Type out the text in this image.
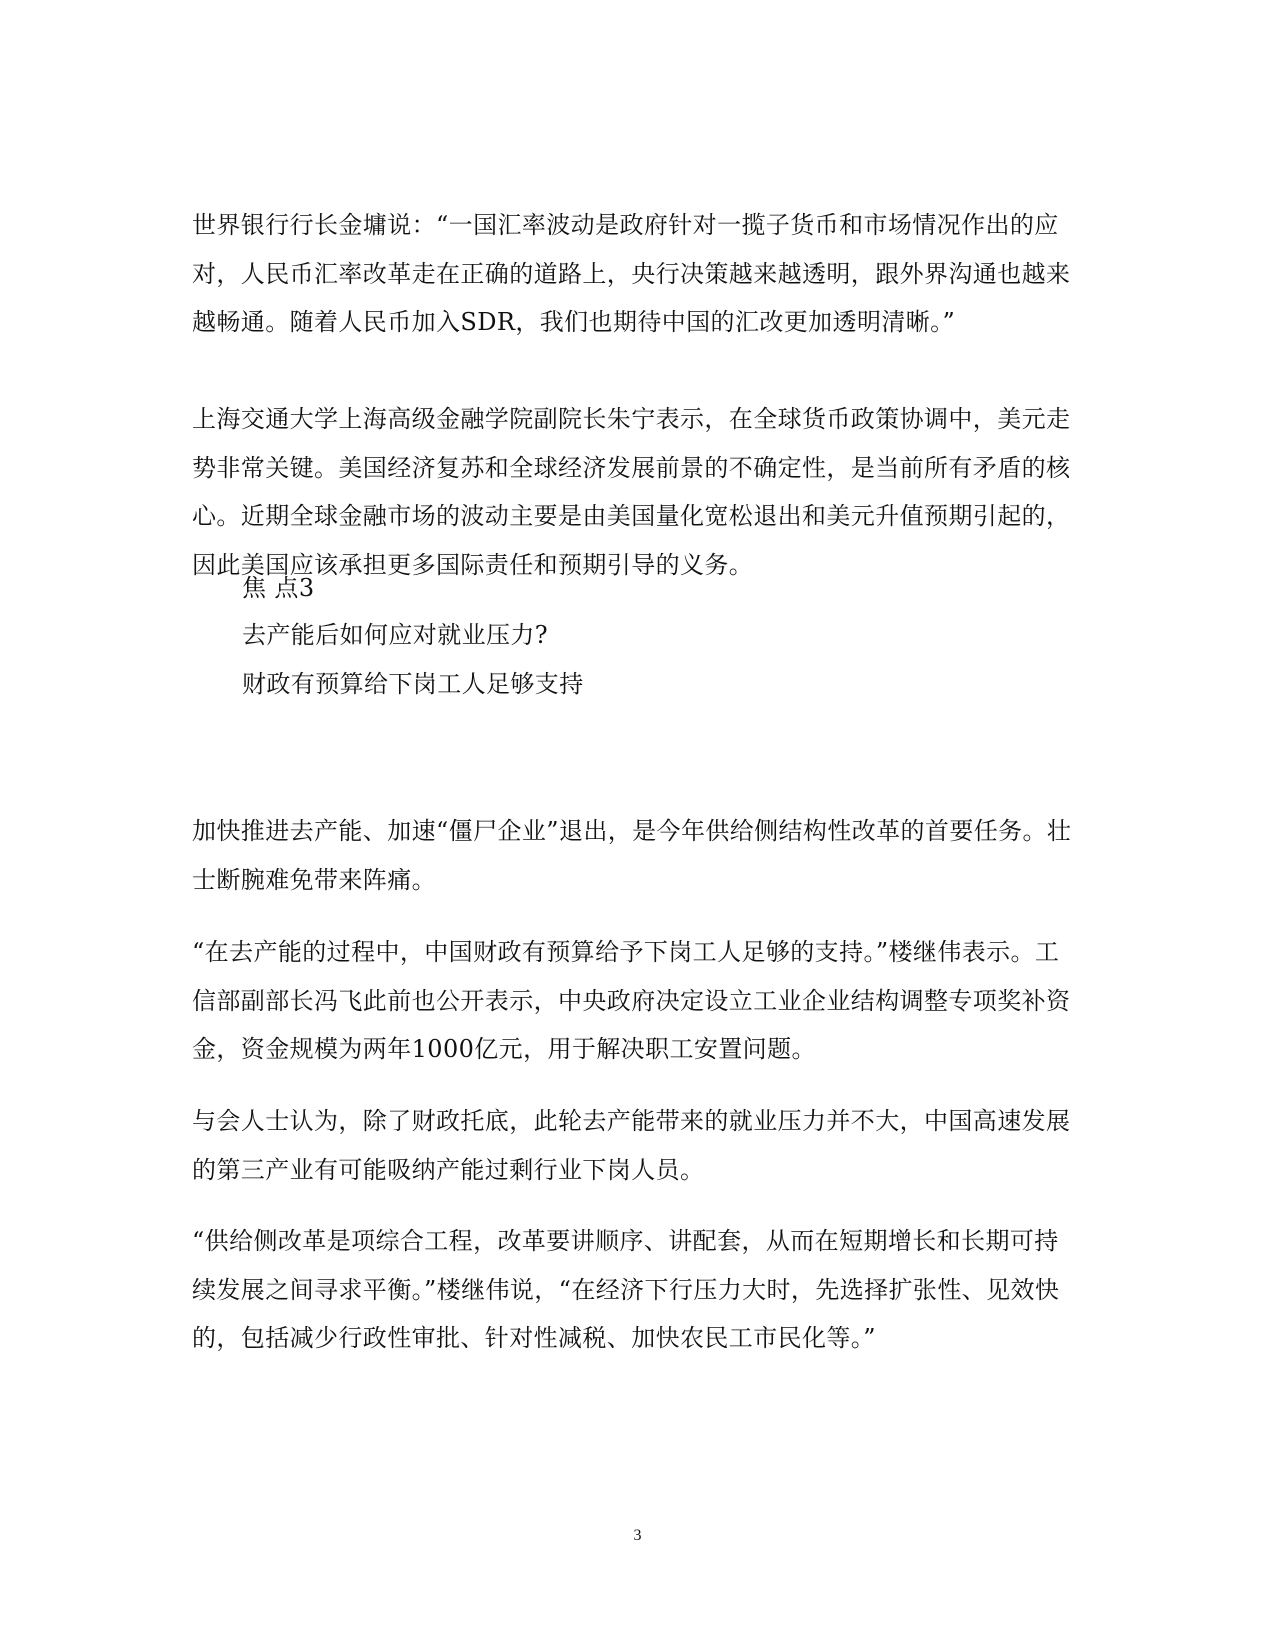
世界银行行长金墉说：“一国汇率波动是政府针对一揽子货币和市场情况作出的应对，人民币汇率改革走在正确的道路上，央行决策越来越透明，跟外界沟通也越来越畅通。随着人民币加入SDR，我们也期待中国的汇改更加透明清晰。”

上海交通大学上海高级金融学院副院长朱宁表示，在全球货币政策协调中，美元走势非常关键。美国经济复苏和全球经济发展前景的不确定性，是当前所有矛盾的核心。近期全球金融市场的波动主要是由美国量化宽松退出和美元升值预期引起的，因此美国应该承担更多国际责任和预期引导的义务。

焦 点3

去产能后如何应对就业压力?

财政有预算给下岗工人足够支持

加快推进去产能、加速“僵尸企业”退出，是今年供给侧结构性改革的首要任务。壮士断腕难免带来阵痛。

“在去产能的过程中，中国财政有预算给予下岗工人足够的支持。”楼继伟表示。工信部副部长冯飞此前也公开表示，中央政府决定设立工业企业结构调整专项奖补资金，资金规模为两年1000亿元，用于解决职工安置问题。

与会人士认为，除了财政托底，此轮去产能带来的就业压力并不大，中国高速发展的第三产业有可能吸纳产能过剩行业下岗人员。

“供给侧改革是项综合工程，改革要讲顺序、讲配套，从而在短期增长和长期可持续发展之间寻求平衡。”楼继伟说，“在经济下行压力大时，先选择扩张性、见效快的，包括减少行政性审批、针对性减税、加快农民工市民化等。”

3
